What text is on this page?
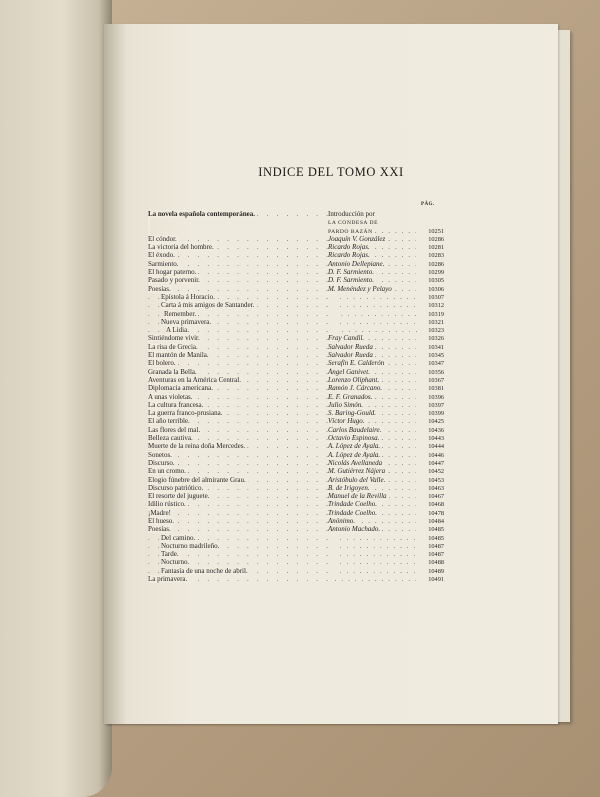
INDICE DEL TOMO XXI
PÁG.
La novela española contemporánea. . . .	Introducción por
LA CONDESA DE
PARDO BAZÁN . . .	10251
El cóndor. . . .	Joaquín V. González . . .	10286
La victoria del hombre. . . .	Ricardo Rojas. . . .	10281
El éxodo. . . .	Ricardo Rojas. . . .	10283
Sarmiento. . . .	Antonio Dellepiane. . . .	10286
El hogar paterno. . . .	D. F. Sarmiento. . . .	10299
Pasado y porvenir. . . .	D. F. Sarmiento. . . .	10305
Poesías. . . .	M. Menéndez y Pelayo . . .	10306
Epístola á Horacio. . . . . . .	10307
Carta á mis amigos de Santander. . . . . . .	10312
Remember. . . . . . .	10319
Nueva primavera. . . . . . .	10321
A Lidia. . . . . . .	10323
Sintiéndome vivir. . . .	Fray Candil. . . .	10326
La risa de Grecia. . . .	Salvador Rueda . . .	10341
El mantón de Manila. . . .	Salvador Rueda . . .	10345
El bolero. . . .	Serafín E. Calderón . . .	10347
Granada la Bella. . . .	Ángel Ganivet. . . .	10356
Aventuras en la América Central. . . .	Lorenzo Oliphant. . . .	10367
Diplomacia americana. . . .	Ramón J. Cárcano. . . .	10381
A unas violetas. . . .	E. F. Granados. . . .	10396
La cultura francesa. . . .	Julio Simón. . . .	10397
La guerra franco-prusiana. . . .	S. Baring-Gould. . . .	10399
El año terrible. . . .	Víctor Hugo. . . .	10425
Las flores del mal. . . .	Carlos Baudelaire. . . .	10436
Belleza cautiva. . . .	Octavio Espinosa. . . .	10443
Muerte de la reina doña Mercedes. . . .	A. López de Ayala. . . .	10444
Sonetos. . . .	A. López de Ayala. . . .	10446
Discurso. . . .	Nicolás Avellaneda . . .	10447
En un cromo. . . .	M. Gutiérrez Nájera . . .	10452
Elogio fúnebre del almirante Grau. . . .	Aristóbulo del Valle. . . .	10453
Discurso patriótico. . . .	B. de Irigoyen. . . .	10463
El resorte del juguete. . . .	Manuel de la Revilla . . .	10467
Idilio rústico. . . .	Trindade Coelho. . . .	10468
¡Madre! . . .	Trindade Coelho. . . .	10478
El hueso. . . .	Anónimo. . . .	10484
Poesías. . . .	Antonio Machado. . . .	10485
Del camino. . . . . . .	10485
Nocturno madrileño. . . . . . .	10487
Tarde. . . . . . .	10487
Nocturno. . . . . . .	10488
Fantasía de una noche de abril. . . . . . .	10489
La primavera. . . . . . .	10491
